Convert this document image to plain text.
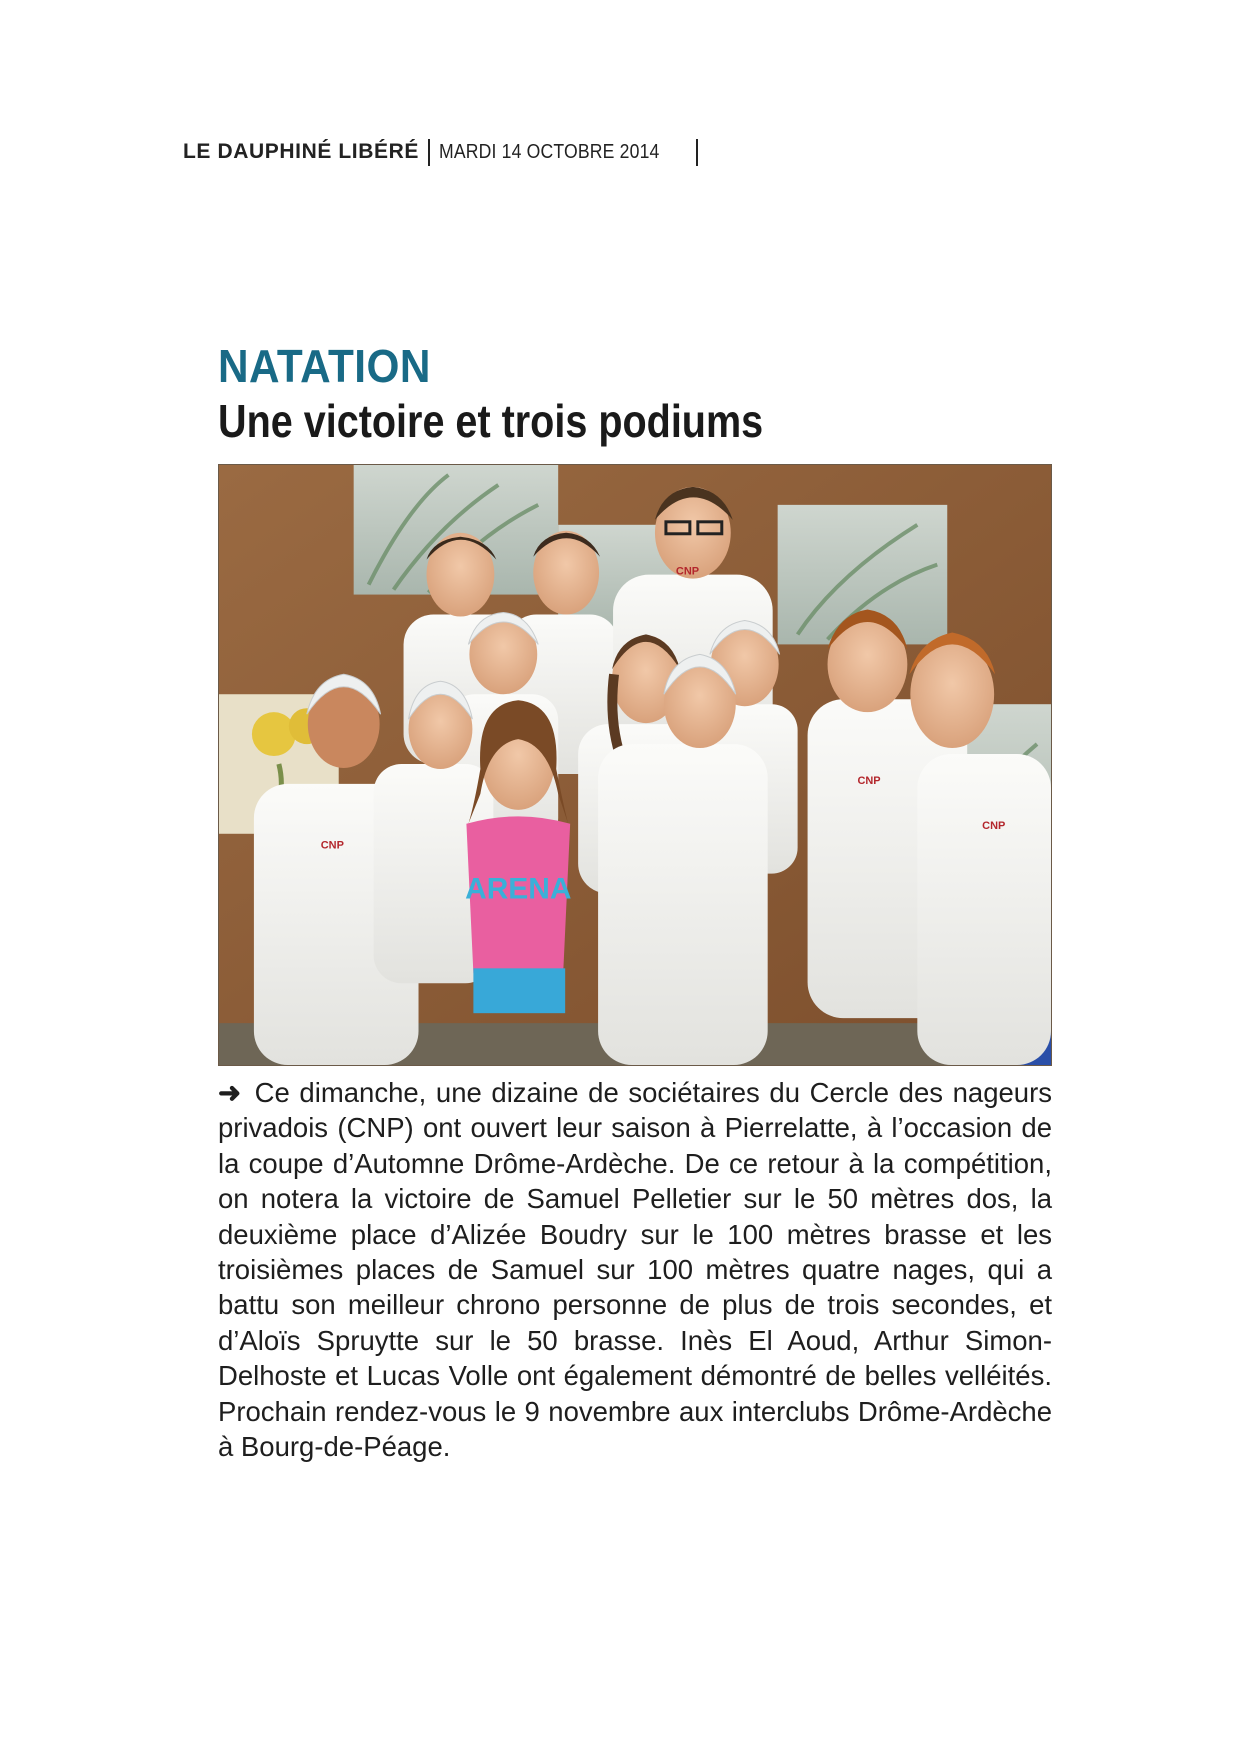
LE DAUPHINÉ LIBÉRÉ MARDI 14 OCTOBRE 2014
NATATION
Une victoire et trois podiums
ARENA
CNP
CNP
CNP
CNP
➜ Ce dimanche, une dizaine de sociétaires du Cercle des nageurs privadois (CNP) ont ouvert leur saison à Pierrelatte, à l’occasion de la coupe d’Automne Drôme-Ardèche. De ce retour à la compétition, on notera la victoire de Samuel Pelletier sur le 50 mètres dos, la deuxième place d’Alizée Boudry sur le 100 mètres brasse et les troisièmes places de Samuel sur 100 mètres quatre nages, qui a battu son meilleur chrono personne de plus de trois secondes, et d’Aloïs Spruytte sur le 50 brasse. Inès El Aoud, Arthur Simon-Delhoste et Lucas Volle ont également démontré de belles velléités. Prochain rendez-vous le 9 novembre aux interclubs Drôme-Ardèche à Bourg-de-Péage.
